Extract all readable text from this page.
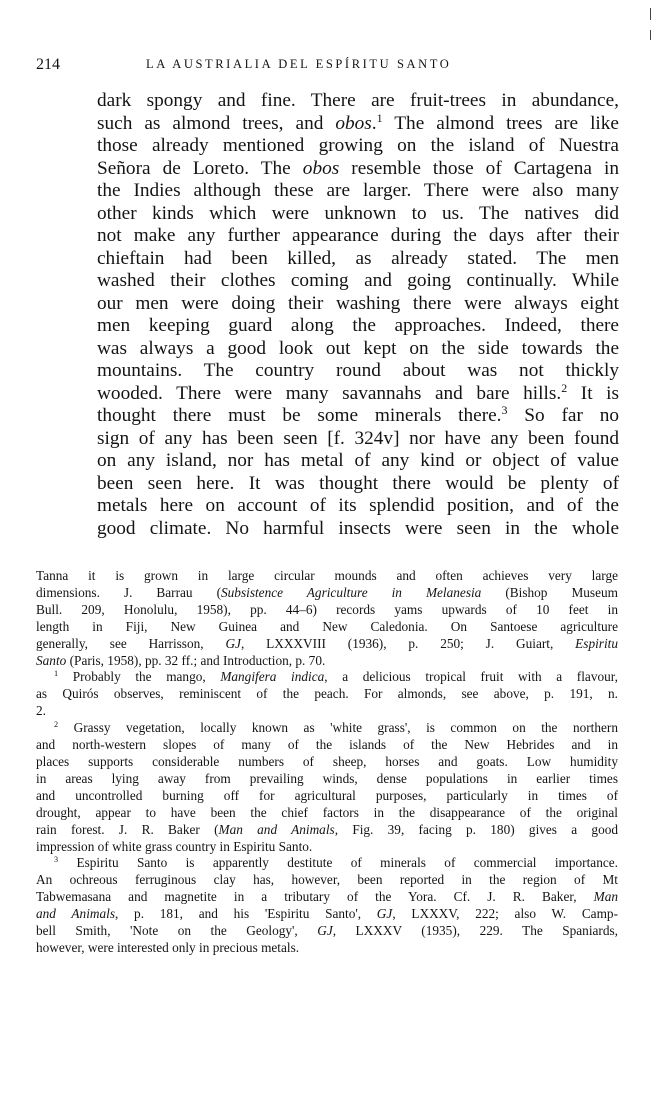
214	LA AUSTRIALIA DEL ESPÍRITU SANTO
dark spongy and fine. There are fruit-trees in abundance,
such as almond trees, and obos.$^1$ The almond trees are like
those already mentioned growing on the island of Nuestra
Señora de Loreto. The obos resemble those of Cartagena in
the Indies although these are larger. There were also many
other kinds which were unknown to us. The natives did
not make any further appearance during the days after their
chieftain had been killed, as already stated. The men
washed their clothes coming and going continually. While
our men were doing their washing there were always eight
men keeping guard along the approaches. Indeed, there
was always a good look out kept on the side towards the
mountains. The country round about was not thickly
wooded. There were many savannahs and bare hills.$^2$ It is
thought there must be some minerals there.$^3$ So far no
sign of any has been seen [f. 324v] nor have any been found
on any island, nor has metal of any kind or object of value
been seen here. It was thought there would be plenty of
metals here on account of its splendid position, and of the
good climate. No harmful insects were seen in the whole
Tanna it is grown in large circular mounds and often achieves very large
dimensions. J. Barrau (Subsistence Agriculture in Melanesia (Bishop Museum
Bull. 209, Honolulu, 1958), pp. 44–6) records yams upwards of 10 feet in
length in Fiji, New Guinea and New Caledonia. On Santoese agriculture
generally, see Harrisson, GJ, LXXXVIII (1936), p. 250; J. Guiart, Espiritu
Santo (Paris, 1958), pp. 32 ff.; and Introduction, p. 70.
$^1$ Probably the mango, Mangifera indica, a delicious tropical fruit with a flavour,
as Quirós observes, reminiscent of the peach. For almonds, see above, p. 191, n.
2.
$^2$ Grassy vegetation, locally known as 'white grass', is common on the northern
and north-western slopes of many of the islands of the New Hebrides and in
places supports considerable numbers of sheep, horses and goats. Low humidity
in areas lying away from prevailing winds, dense populations in earlier times
and uncontrolled burning off for agricultural purposes, particularly in times of
drought, appear to have been the chief factors in the disappearance of the original
rain forest. J. R. Baker (Man and Animals, Fig. 39, facing p. 180) gives a good
impression of white grass country in Espiritu Santo.
$^3$ Espiritu Santo is apparently destitute of minerals of commercial importance.
An ochreous ferruginous clay has, however, been reported in the region of Mt
Tabwemasana and magnetite in a tributary of the Yora. Cf. J. R. Baker, Man
and Animals, p. 181, and his 'Espiritu Santo', GJ, LXXXV, 222; also W. Camp-
bell Smith, 'Note on the Geology', GJ, LXXXV (1935), 229. The Spaniards,
however, were interested only in precious metals.
